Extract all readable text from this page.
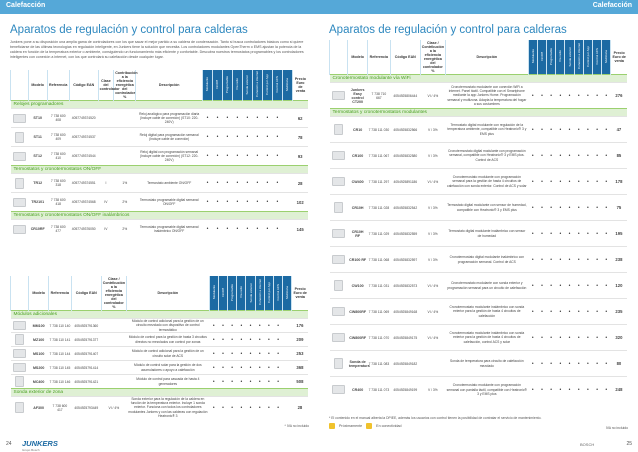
Calefacción	Calefacción
Aparatos de regulación y control para calderas
Junkers pone a su disposición una amplia gama de controladores con los que sacar el mejor partido a su caldera de condensación. Tanto si busca controladores básicos como si quiere beneficiarse de las últimas tecnologías en regulación inteligente, en Junkers tiene la solución que necesita. Los controladores modulantes OpenTherm o EMS ajustan la potencia de la caldera en función de la temperatura exterior o ambiente, consiguiendo un funcionamiento más eficiente y confortable. Descubra nuestros termostatos programables y los controladores inteligentes con conexión a internet, con los que controlará su calefacción desde cualquier lugar.
	Modelo	Referencia	Código EAN	Clase del controlador	Contribución a la eficiencia energética del controlador %	Descripción	Modulante	On/Off	Programable	Vía radio	Sonda exterior	Conexión a internet	Control por App	Control ACS	Multizona	Precio Euro de venta
Relojes programadores																
	ST10	7 738 600 408	4057749374520			Reloj analógico para programación diaria (Incluye cable de conexión) (ST10: 220-240V)	•	•	•	•	•	•	•	•		62
	ST11	7 738 600 409	4057749374537			Reloj digital para programación semanal (Incluye cable de conexión)	•	•	•	•	•	•	•	•		78
	ST12	7 738 600 410	4057749374544			Reloj digital con programación semanal (Incluye cable de conexión) (ST12: 220-240V)	•	•	•	•	•	•	•	•		93
Termostatos y cronotermostatos ON/OFF																
	TR12	7 738 600 318	4057749374551	I	1%	Termostato ambiente ON/OFF	•	•	•	•	•	•	•	•		28
	TR2101	7 738 600 418	4057749374568	IV	2%	Termostato programable digital semanal ON/OFF	•	•	•	•	•	•	•	•		102
Termostatos y cronotermostatos ON/OFF inalámbricos																
	CR10RF	7 738 600 477	4057749376050	IV	2%	Termostato programable digital semanal inalámbrico ON/OFF	•	•	•	•	•	•	•	•		145
	Modelo	Referencia	Código EAN	Clase / Contribución a la eficiencia energética del controlador %	Descripción	Modulante	On/Off	Programable	Vía radio	Sonda exterior	Conexión a internet	Control por App	Control ACS	Multizona	Precio Euro de venta
Módulos adicionales															
	MM100	7 738 110 140	4054925791360		Módulo de control adicional para la gestión de un circuito mezclado con dispositivo de control termostático	•	•	•	•	•	•	•	•		176
	MZ100	7 738 110 141	4054925791377		Módulo de control para la gestión de hasta 3 circuitos directos no mezclados con control por zonas	•	•	•	•	•	•	•	•		209
	MS100	7 738 110 144	4054925791407		Módulo de control adicional para la gestión de un circuito solar de ACS	•	•	•	•	•	•	•	•		253
	MS200	7 738 110 145	4054925791414		Módulo de control solar para la gestión de dos acumuladores o apoyo a calefacción	•	•	•	•	•	•	•	•		368
	MC400	7 738 110 146	4054925791421		Módulo de control para cascada de hasta 4 generadores	•	•	•	•	•	•	•	•		508
Sonda exterior de zona															
	AF300	7 738 600 417	4054925793449	VI / 4%	Sonda exterior para la regulación de la caldera en función de la temperatura exterior. Incluye 1 sonda exterior. Funciona con todos los controladores modulantes Junkers y con las calderas con regulación Heatronic® 3	•	•	•	•	•	•	•	•		28
* IVA no incluido
Aparatos de regulación y control para calderas
	Modelo	Referencia	Código EAN	Clase / Contribución a la eficiencia energética del controlador %	Descripción	Modulante	On/Off	Programable	Vía radio	Sonda exterior	Conexión a internet	Control por App	Control ACS	Multizona	Precio Euro de venta
Cronotermostato modulante vía WiFi															
	Junkers Easy control CT200	7 738 710 667	4054925806444	VI / 4%	Cronotermostato modulante con conexión WiFi a internet. Panel táctil. Compatible con el Smartphone mediante la app Junkers Home. Programación semanal y multizona. Adapta la temperatura del hogar a sus costumbres	•	•	•	•	•	•	•	•	•	276
Termostatos y cronotermostatos modulantes															
	CR10	7 738 111 030	4054925832566	V / 3%	Termostato digital modulante con regulación de la temperatura ambiente, compatible con Heatronic® 3 y EMS plus	•	•	•	•	•	•	•	•	•	47
	CR100	7 738 111 067	4054925832580	V / 3%	Cronotermostato digital modulante con programación semanal, compatible con Heatronic® 3 y EMS plus. Control de ACS	•	•	•	•	•	•	•	•	•	85
	CW400	7 738 111 297	4054925891186	VI / 4%	Cronotermostato modulante con programación semanal para la gestión de hasta 4 circuitos de calefacción con sonda exterior. Control de ACS y solar	•	•	•	•	•	•	•	•	•	178
	CR10H	7 738 111 028	4054925832542	V / 3%	Termostato digital modulante con sensor de humedad, compatible con Heatronic® 3 y EMS plus	•	•	•	•	•	•	•	•	•	75
	CR10H RF	7 738 111 029	4054925832559	V / 3%	Termostato digital modulante inalámbrico con sensor de humedad	•	•	•	•	•	•	•	•	•	195
	CR100 RF	7 738 111 068	4054925832597	V / 3%	Cronotermostato digital modulante inalámbrico con programación semanal. Control de ACS	•	•	•	•	•	•	•	•	•	238
	CW100	7 738 111 031	4054925832573	VI / 4%	Cronotermostato modulante con sonda exterior y programación semanal para un circuito de calefacción	•	•	•	•	•	•	•	•	•	120
	CW800RF	7 738 111 069	4054925849168	VI / 4%	Cronotermostato modulante inalámbrico con sonda exterior para la gestión de hasta 4 circuitos de calefacción	•	•	•	•	•	•	•	•	•	235
	CW800RF	7 738 111 070	4054925849175	VI / 4%	Cronotermostato modulante inalámbrico con sonda exterior para la gestión de hasta 4 circuitos de calefacción, control ACS y solar	•	•	•	•	•	•	•	•	•	320
	Sonda de temperatura	7 738 111 083	4054925849182		Sonda de temperatura para circuito de calefacción mezclado	•	•	•	•	•	•	•	•	•	80
	CR400	7 738 111 073	4054925849199	V / 3%	Cronotermostato modulante con programación semanal con pantalla táctil, compatible con Heatronic® 3 y EMS plus	•	•	•	•	•	•	•	•	•	248
* El contenido en el manual alberta la DPIEE, además los usuarios con control tienen la posibilidad de contratar el servicio de mantenimiento.
Próximamente	En conectividad	IVA no incluido
24 JUNKERS
Grupo Bosch
BOSCH	25
